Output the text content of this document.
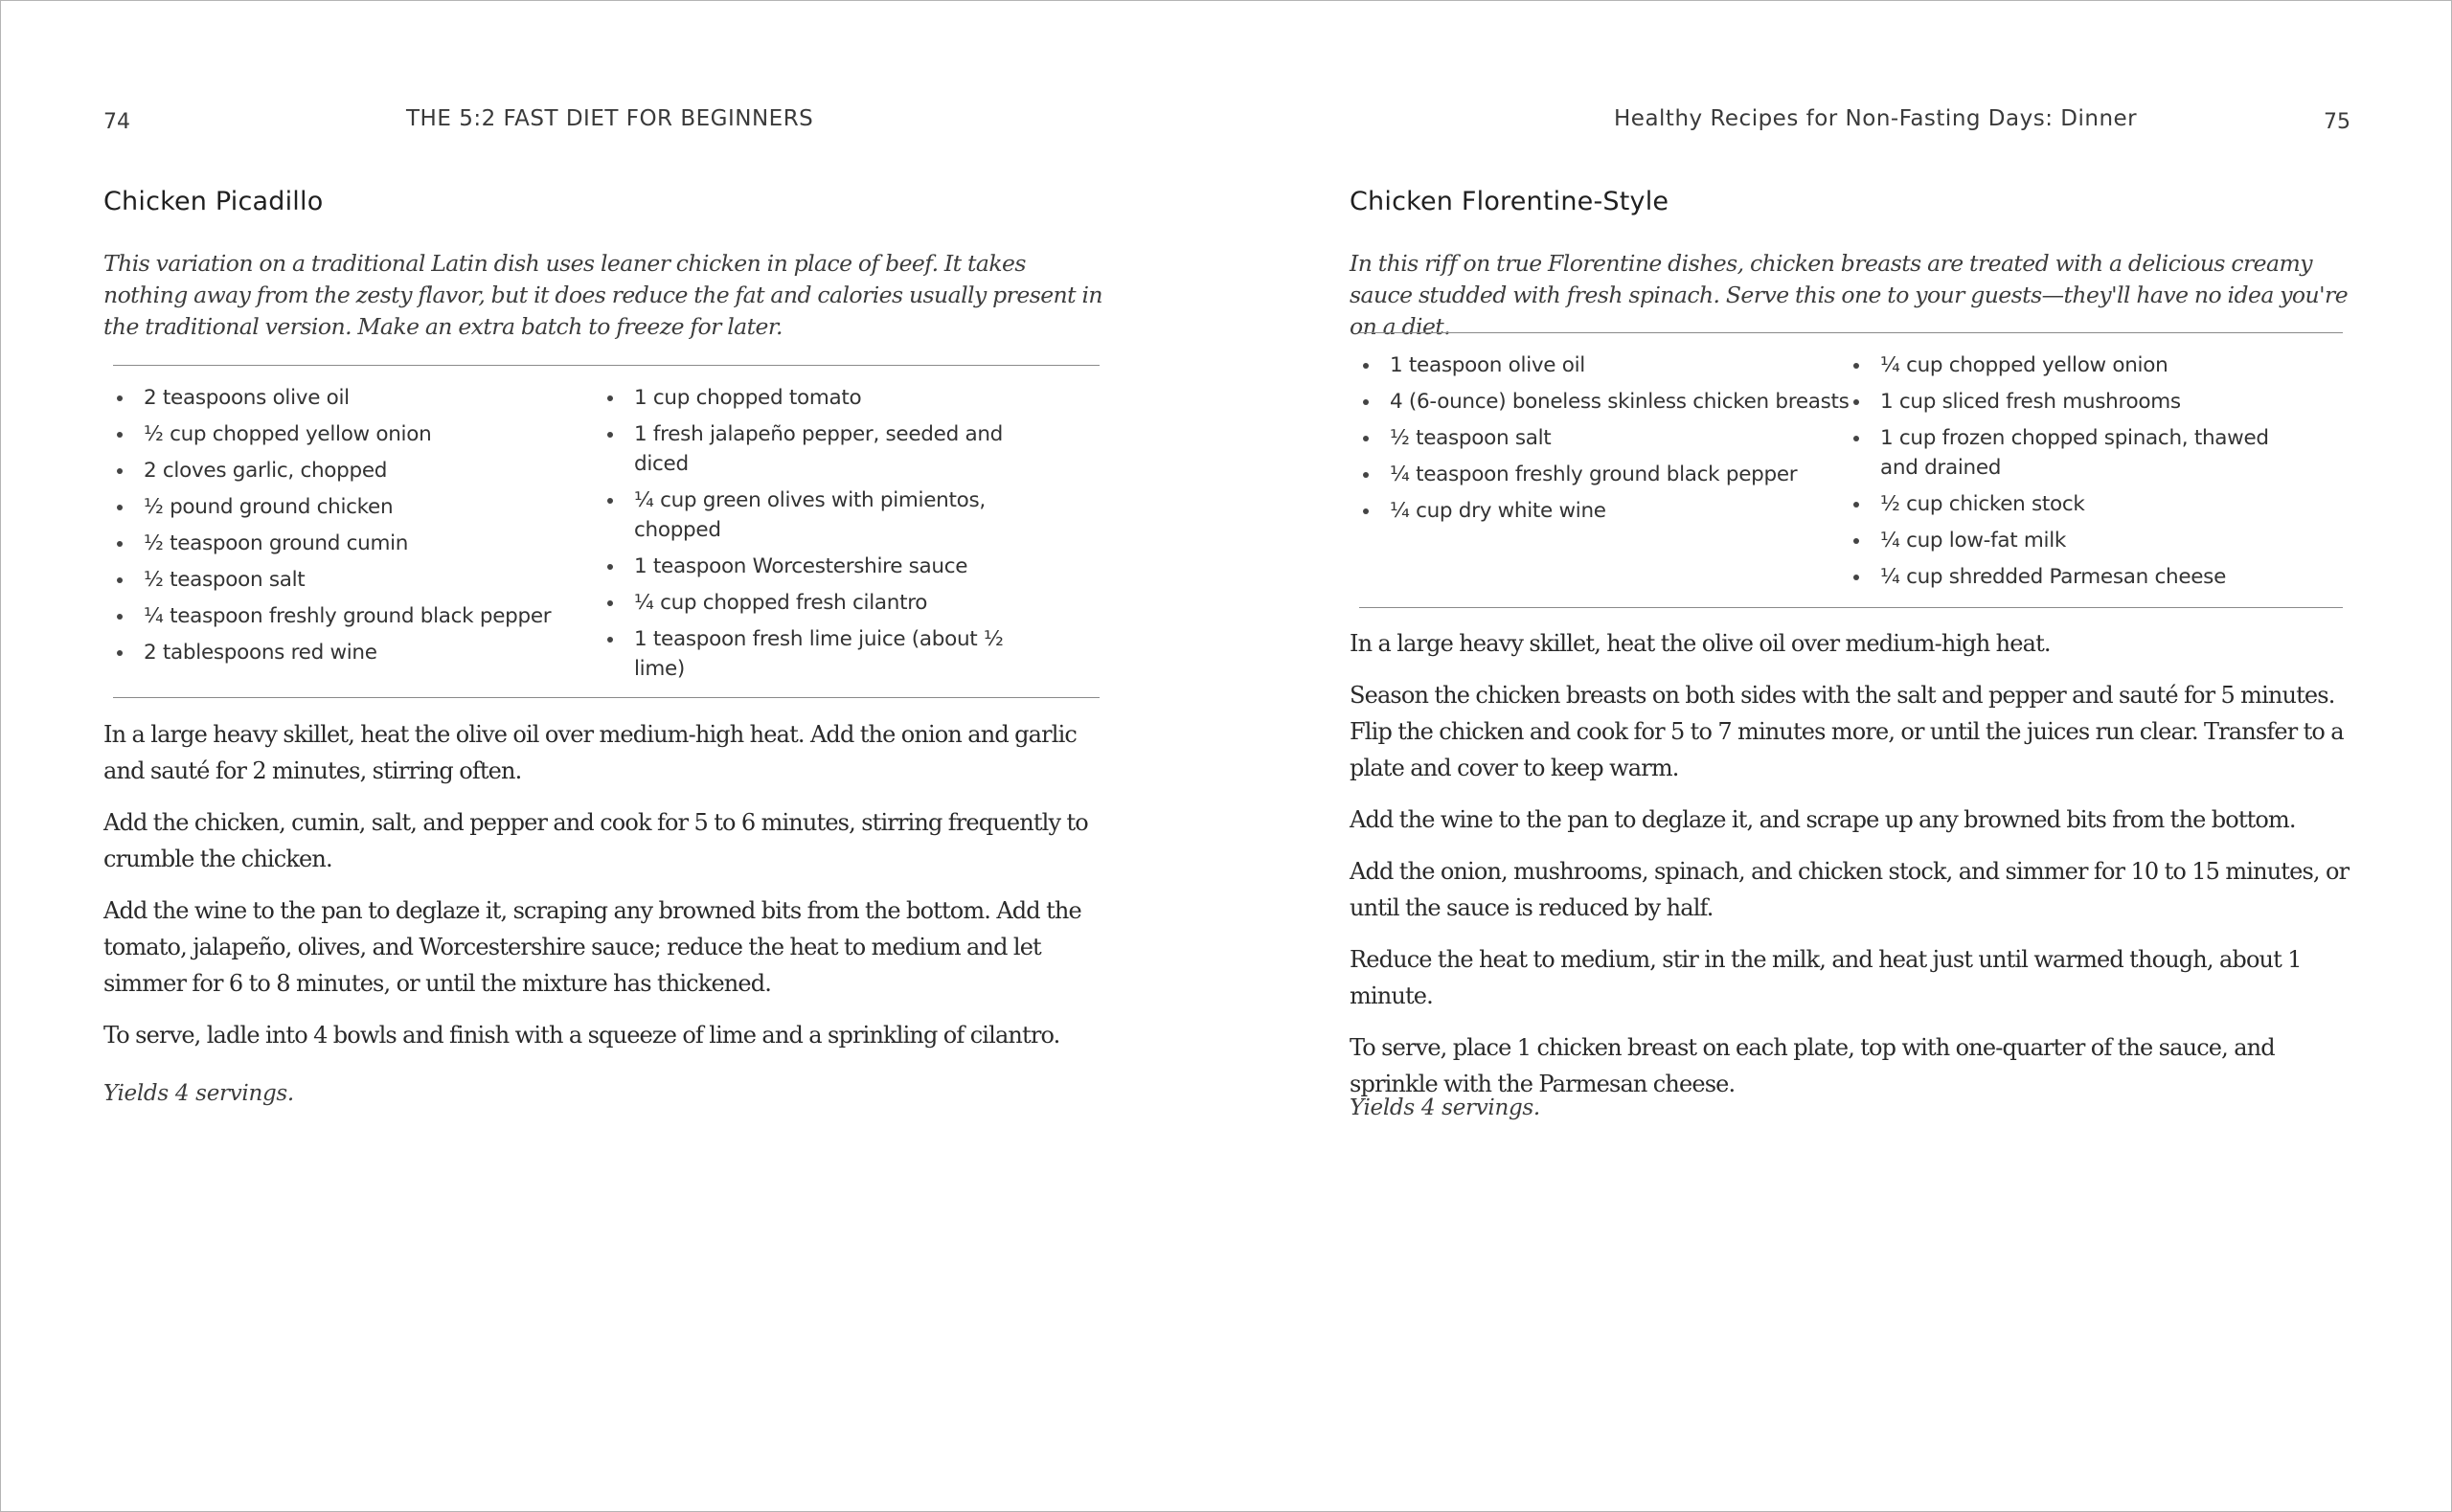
74	THE 5:2 FAST DIET FOR BEGINNERS
Chicken Picadillo

This variation on a traditional Latin dish uses leaner chicken in place of beef. It takes nothing away from the zesty flavor, but it does reduce the fat and calories usually present in the traditional version. Make an extra batch to freeze for later.

2 teaspoons olive oil
½ cup chopped yellow onion
2 cloves garlic, chopped
½ pound ground chicken
½ teaspoon ground cumin
½ teaspoon salt
¼ teaspoon freshly ground black pepper
2 tablespoons red wine
1 cup chopped tomato
1 fresh jalapeño pepper, seeded and diced
¼ cup green olives with pimientos, chopped
1 teaspoon Worcestershire sauce
¼ cup chopped fresh cilantro
1 teaspoon fresh lime juice (about ½ lime)

In a large heavy skillet, heat the olive oil over medium-high heat. Add the onion and garlic and sauté for 2 minutes, stirring often.

Add the chicken, cumin, salt, and pepper and cook for 5 to 6 minutes, stirring frequently to crumble the chicken.

Add the wine to the pan to deglaze it, scraping any browned bits from the bottom. Add the tomato, jalapeño, olives, and Worcestershire sauce; reduce the heat to medium and let simmer for 6 to 8 minutes, or until the mixture has thickened.

To serve, ladle into 4 bowls and finish with a squeeze of lime and a sprinkling of cilantro.

Yields 4 servings.

Healthy Recipes for Non-Fasting Days: Dinner	75
Chicken Florentine-Style

In this riff on true Florentine dishes, chicken breasts are treated with a delicious creamy sauce studded with fresh spinach. Serve this one to your guests—they'll have no idea you're on a diet.

1 teaspoon olive oil
4 (6-ounce) boneless skinless chicken breasts
½ teaspoon salt
¼ teaspoon freshly ground black pepper
¼ cup dry white wine
¼ cup chopped yellow onion
1 cup sliced fresh mushrooms
1 cup frozen chopped spinach, thawed and drained
½ cup chicken stock
¼ cup low-fat milk
¼ cup shredded Parmesan cheese

In a large heavy skillet, heat the olive oil over medium-high heat.

Season the chicken breasts on both sides with the salt and pepper and sauté for 5 minutes. Flip the chicken and cook for 5 to 7 minutes more, or until the juices run clear. Transfer to a plate and cover to keep warm.

Add the wine to the pan to deglaze it, and scrape up any browned bits from the bottom.

Add the onion, mushrooms, spinach, and chicken stock, and simmer for 10 to 15 minutes, or until the sauce is reduced by half.

Reduce the heat to medium, stir in the milk, and heat just until warmed though, about 1 minute.

To serve, place 1 chicken breast on each plate, top with one-quarter of the sauce, and sprinkle with the Parmesan cheese.

Yields 4 servings.
